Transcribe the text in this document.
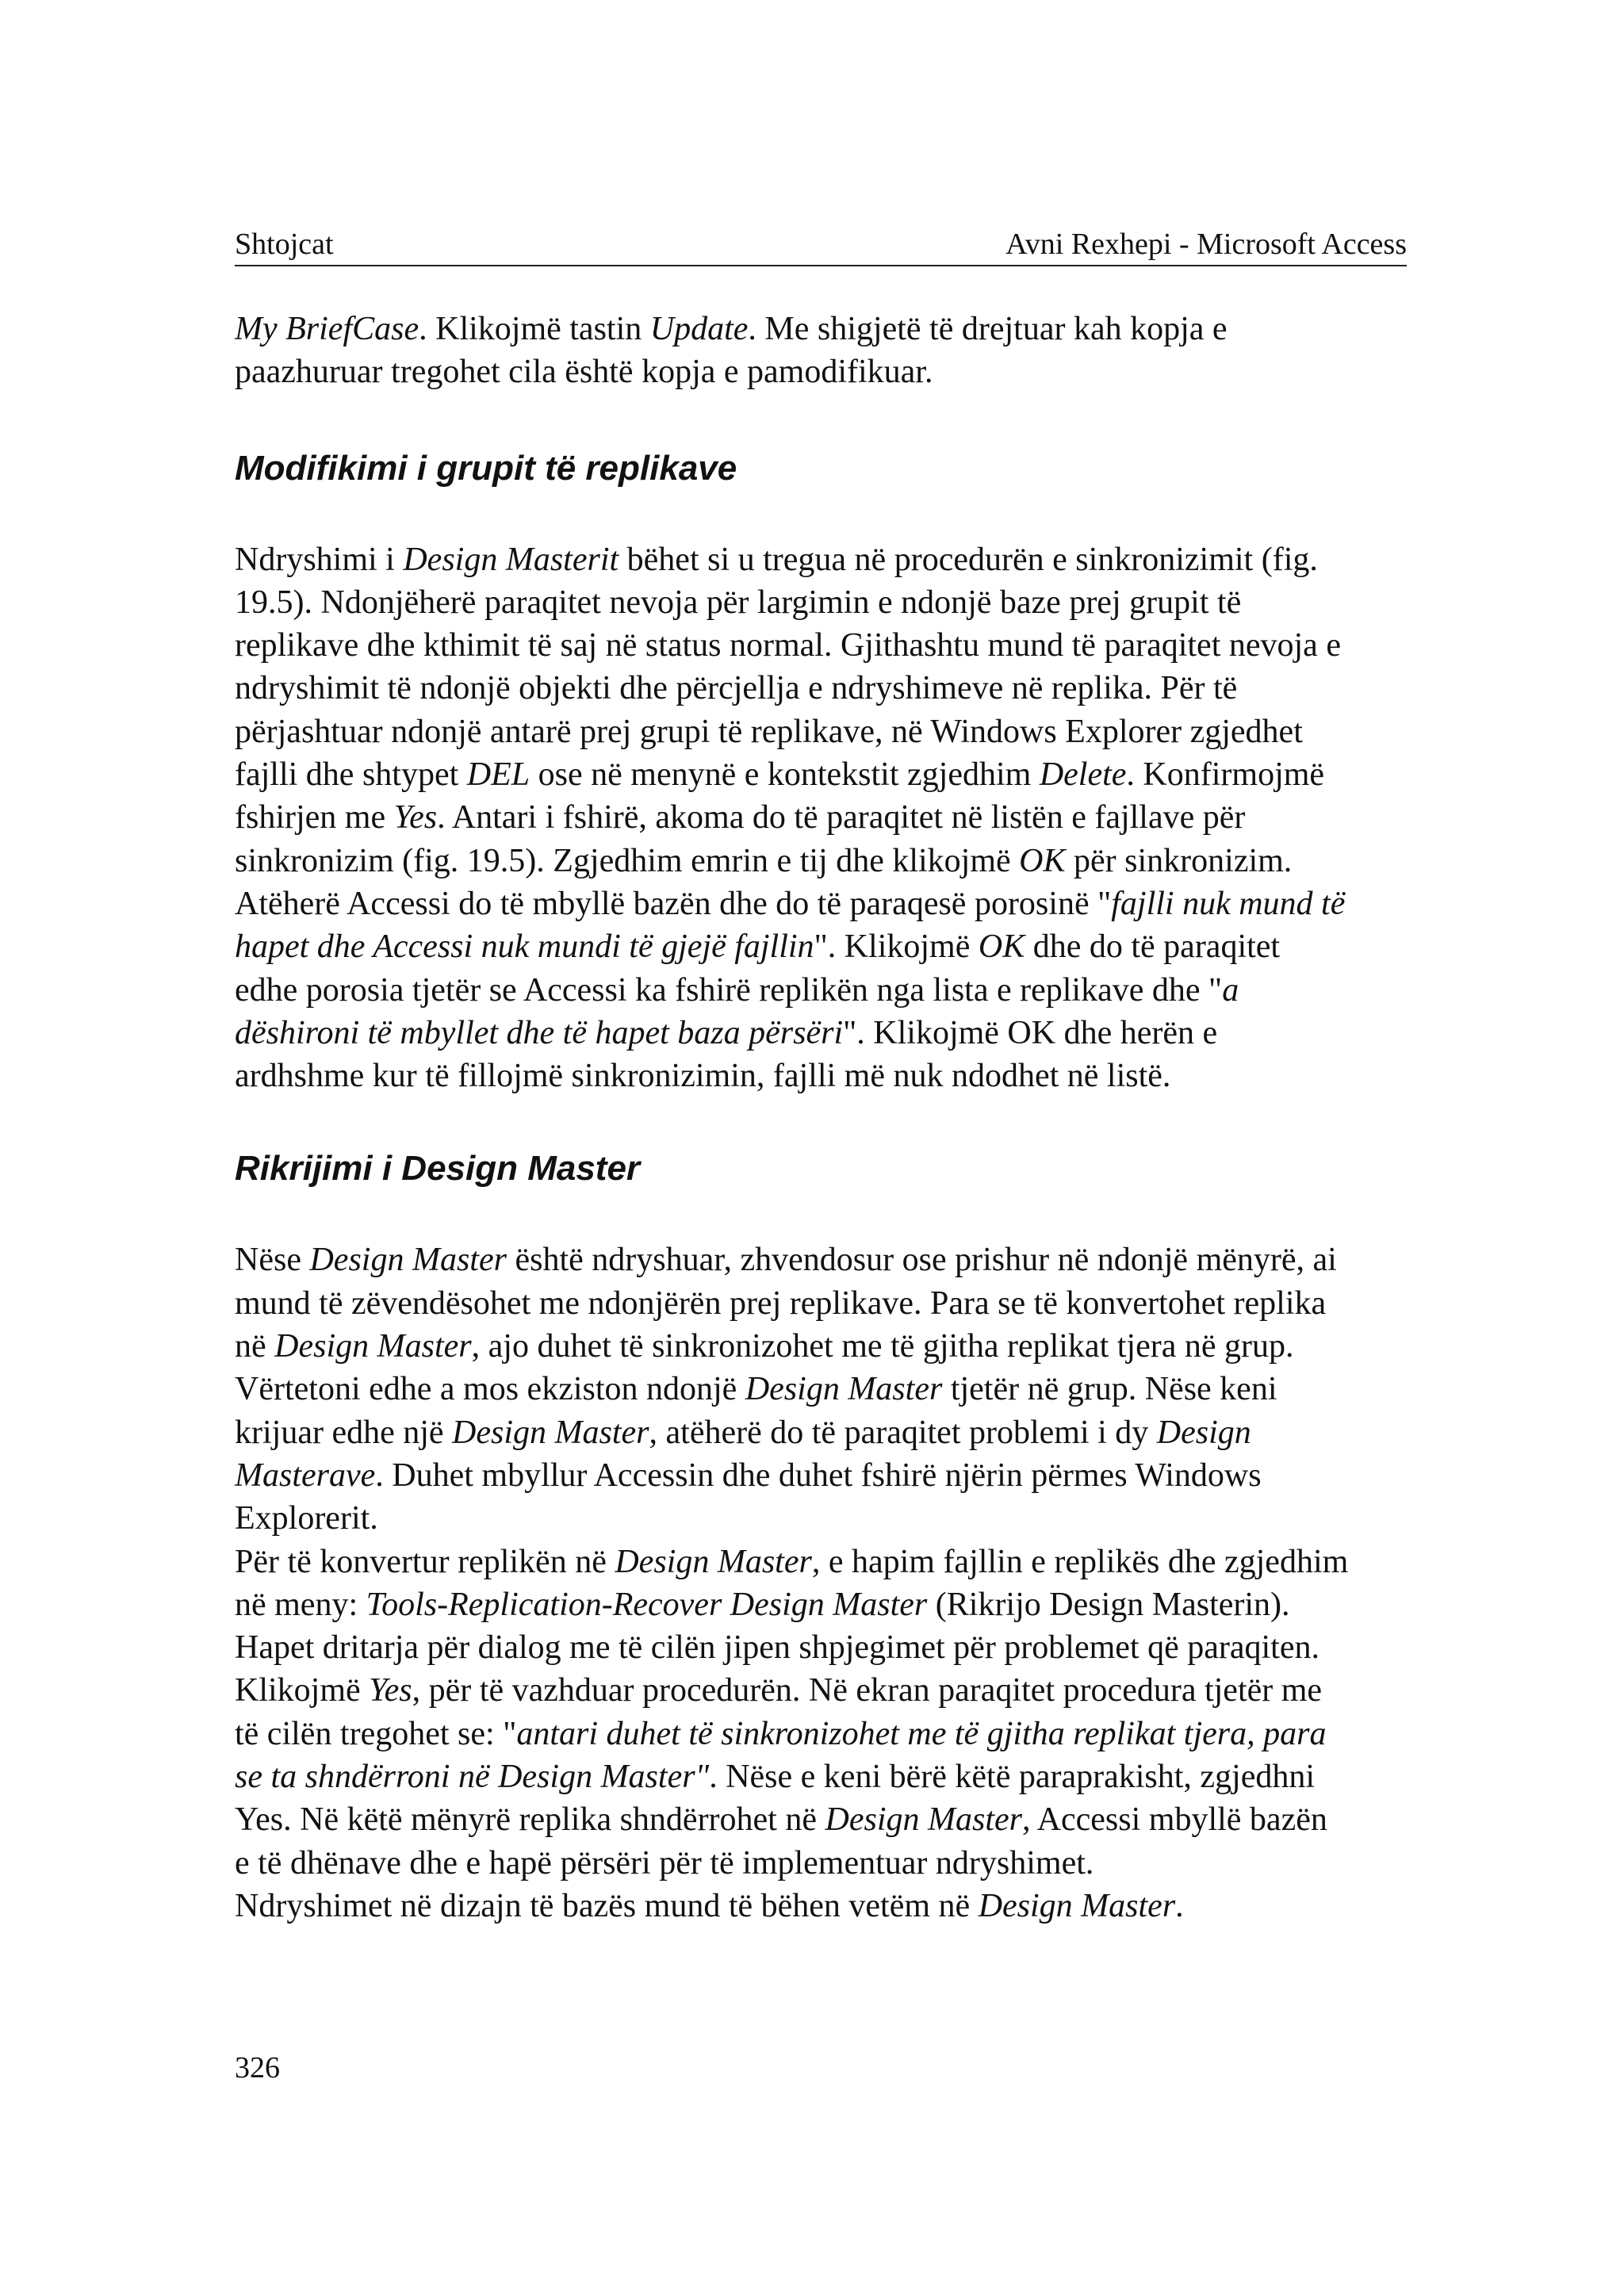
Shtojcat	Avni Rexhepi - Microsoft Access

My BriefCase. Klikojmë tastin Update. Me shigjetë të drejtuar kah kopja e
paazhuruar tregohet cila është kopja e pamodifikuar.

Modifikimi i grupit të replikave

Ndryshimi i Design Masterit bëhet si u tregua në procedurën e sinkronizimit (fig.
19.5). Ndonjëherë paraqitet nevoja për largimin e ndonjë baze prej grupit të
replikave dhe kthimit të saj në status normal. Gjithashtu mund të paraqitet nevoja e
ndryshimit të ndonjë objekti dhe përcjellja e ndryshimeve në replika. Për të
përjashtuar ndonjë antarë prej grupi të replikave, në Windows Explorer zgjedhet
fajlli dhe shtypet DEL ose në menynë e kontekstit zgjedhim Delete. Konfirmojmë
fshirjen me Yes. Antari i fshirë, akoma do të paraqitet në listën e fajllave për
sinkronizim (fig. 19.5). Zgjedhim emrin e tij dhe klikojmë OK për sinkronizim.
Atëherë Accessi do të mbyllë bazën dhe do të paraqesë porosinë "fajlli nuk mund të
hapet dhe Accessi nuk mundi të gjejë fajllin". Klikojmë OK dhe do të paraqitet
edhe porosia tjetër se Accessi ka fshirë replikën nga lista e replikave dhe "a
dëshironi të mbyllet dhe të hapet baza përsëri". Klikojmë OK dhe herën e
ardhshme kur të fillojmë sinkronizimin, fajlli më nuk ndodhet në listë.

Rikrijimi i Design Master

Nëse Design Master është ndryshuar, zhvendosur ose prishur në ndonjë mënyrë, ai
mund të zëvendësohet me ndonjërën prej replikave. Para se të konvertohet replika
në Design Master, ajo duhet të sinkronizohet me të gjitha replikat tjera në grup.
Vërtetoni edhe a mos ekziston ndonjë Design Master tjetër në grup. Nëse keni
krijuar edhe një Design Master, atëherë do të paraqitet problemi i dy Design
Masterave. Duhet mbyllur Accessin dhe duhet fshirë njërin përmes Windows
Explorerit.
Për të konvertur replikën në Design Master, e hapim fajllin e replikës dhe zgjedhim
në meny: Tools-Replication-Recover Design Master (Rikrijo Design Masterin).
Hapet dritarja për dialog me të cilën jipen shpjegimet për problemet që paraqiten.
Klikojmë Yes, për të vazhduar procedurën. Në ekran paraqitet procedura tjetër me
të cilën tregohet se: "antari duhet të sinkronizohet me të gjitha replikat tjera, para
se ta shndërroni në Design Master". Nëse e keni bërë këtë paraprakisht, zgjedhni
Yes. Në këtë mënyrë replika shndërrohet në Design Master, Accessi mbyllë bazën
e të dhënave dhe e hapë përsëri për të implementuar ndryshimet.
Ndryshimet në dizajn të bazës mund të bëhen vetëm në Design Master.

326
